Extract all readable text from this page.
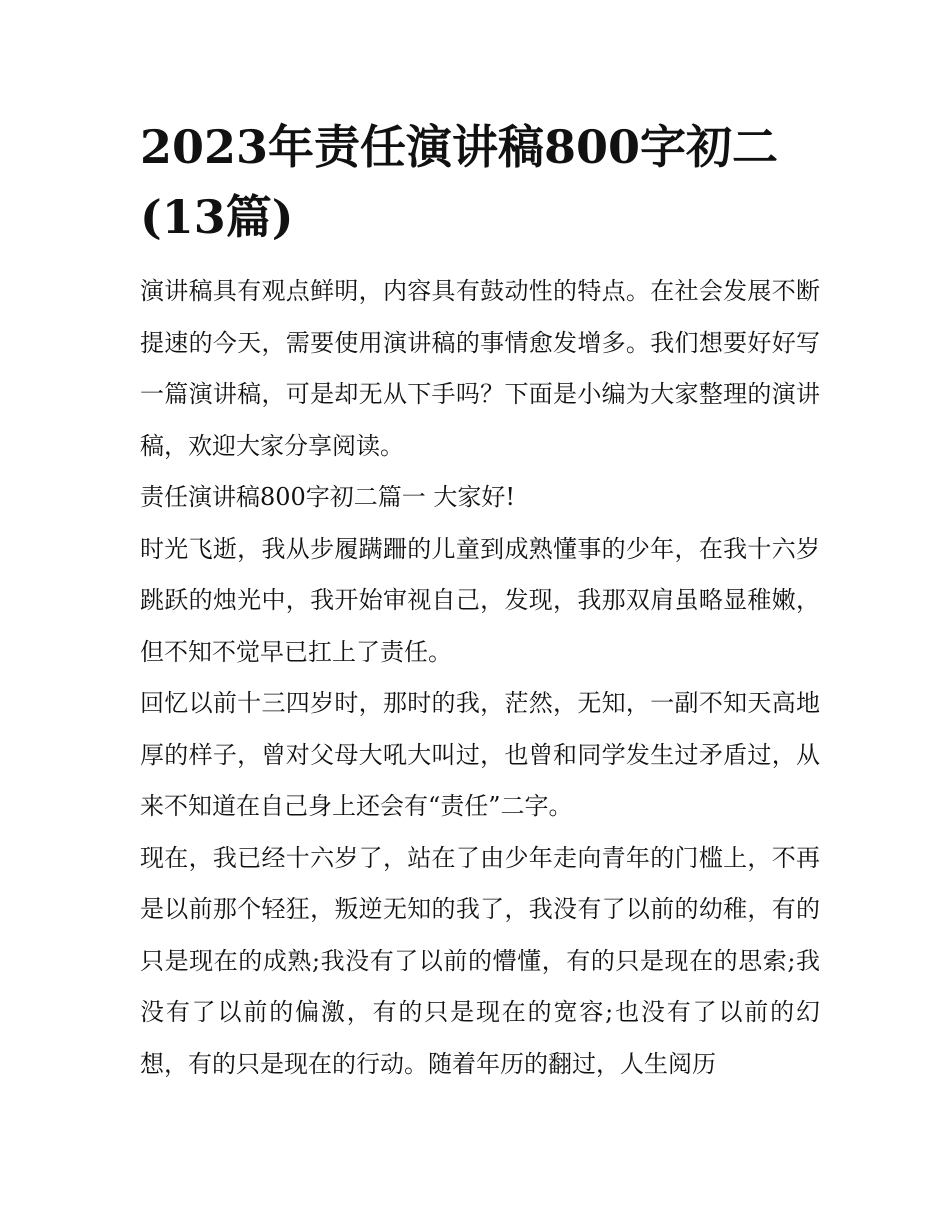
2023年责任演讲稿800字初二(13篇)

演讲稿具有观点鲜明，内容具有鼓动性的特点。在社会发展不断提速的今天，需要使用演讲稿的事情愈发增多。我们想要好好写一篇演讲稿，可是却无从下手吗？下面是小编为大家整理的演讲稿，欢迎大家分享阅读。

责任演讲稿800字初二篇一 大家好!

时光飞逝，我从步履蹒跚的儿童到成熟懂事的少年，在我十六岁跳跃的烛光中，我开始审视自己，发现，我那双肩虽略显稚嫩，但不知不觉早已扛上了责任。

回忆以前十三四岁时，那时的我，茫然，无知，一副不知天高地厚的样子，曾对父母大吼大叫过，也曾和同学发生过矛盾过，从来不知道在自己身上还会有“责任”二字。

现在，我已经十六岁了，站在了由少年走向青年的门槛上，不再是以前那个轻狂，叛逆无知的我了，我没有了以前的幼稚，有的只是现在的成熟;我没有了以前的懵懂，有的只是现在的思索;我没有了以前的偏激，有的只是现在的宽容;也没有了以前的幻想，有的只是现在的行动。随着年历的翻过，人生阅历
